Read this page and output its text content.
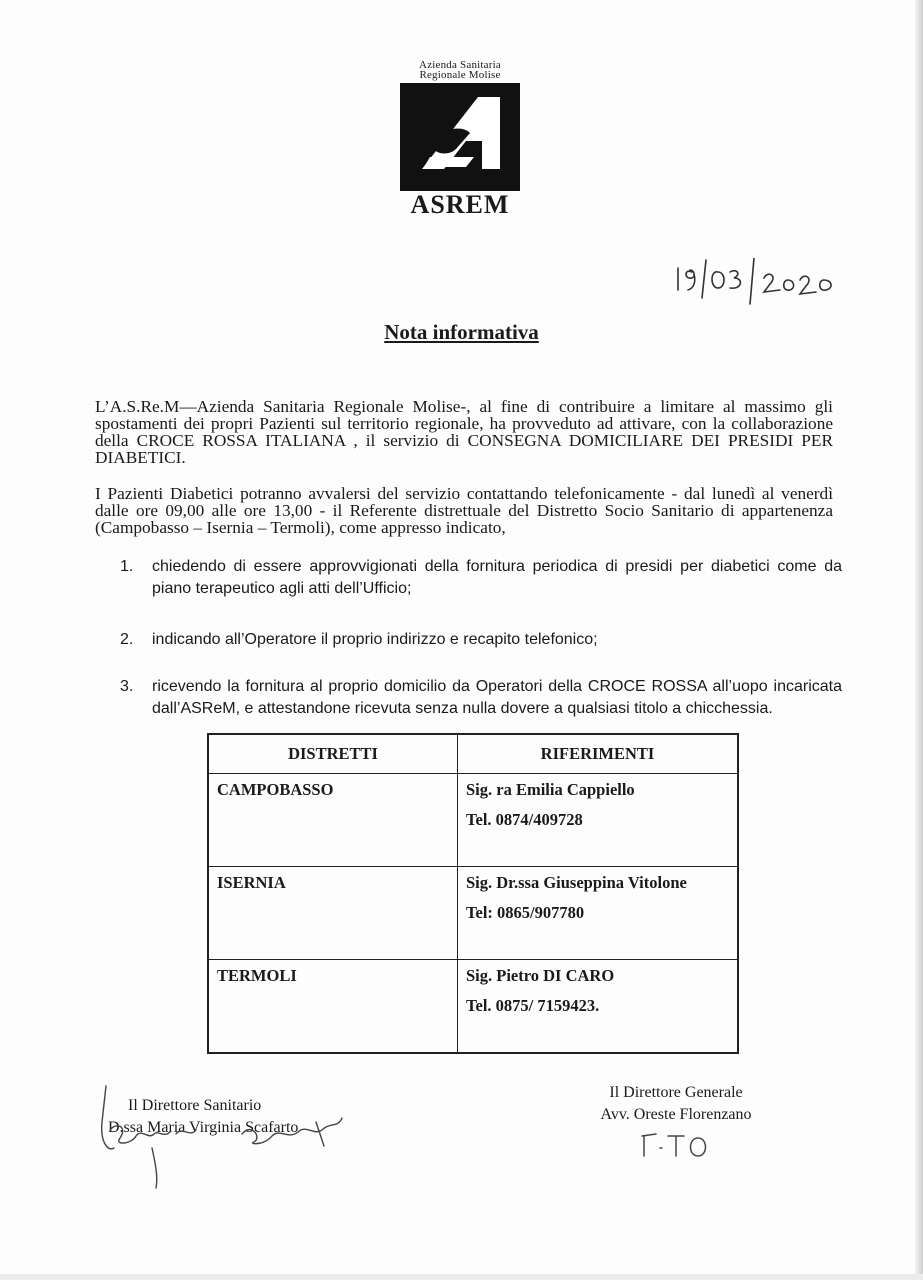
Azienda Sanitaria
Regionale Molise
ASREM
Nota informativa
L’A.S.Re.M—Azienda Sanitaria Regionale Molise-, al fine di contribuire a limitare al massimo gli spostamenti dei propri Pazienti sul territorio regionale, ha provveduto ad attivare, con la collaborazione della CROCE ROSSA ITALIANA , il servizio di CONSEGNA DOMICILIARE DEI PRESIDI PER DIABETICI.
I Pazienti Diabetici potranno avvalersi del servizio contattando telefonicamente - dal lunedì al venerdì dalle ore 09,00 alle ore 13,00 - il Referente distrettuale del Distretto Socio Sanitario di appartenenza (Campobasso – Isernia – Termoli), come appresso indicato,
1.	chiedendo di essere approvvigionati della fornitura periodica di presidi per diabetici come da piano terapeutico agli atti dell’Ufficio;
2.	indicando all’Operatore il proprio indirizzo e recapito telefonico;
3.	ricevendo la fornitura al proprio domicilio da Operatori della CROCE ROSSA all’uopo incaricata dall’ASReM, e attestandone ricevuta senza nulla dovere a qualsiasi titolo a chicchessia.
DISTRETTI	RIFERIMENTI
CAMPOBASSO	Sig. ra Emilia Cappiello
Tel. 0874/409728

ISERNIA	Sig. Dr.ssa Giuseppina Vitolone
Tel: 0865/907780

TERMOLI	Sig. Pietro DI CARO
Tel. 0875/ 7159423.
Il Direttore Sanitario
D.ssa Maria Virginia Scafarto
Il Direttore Generale
Avv. Oreste Florenzano
